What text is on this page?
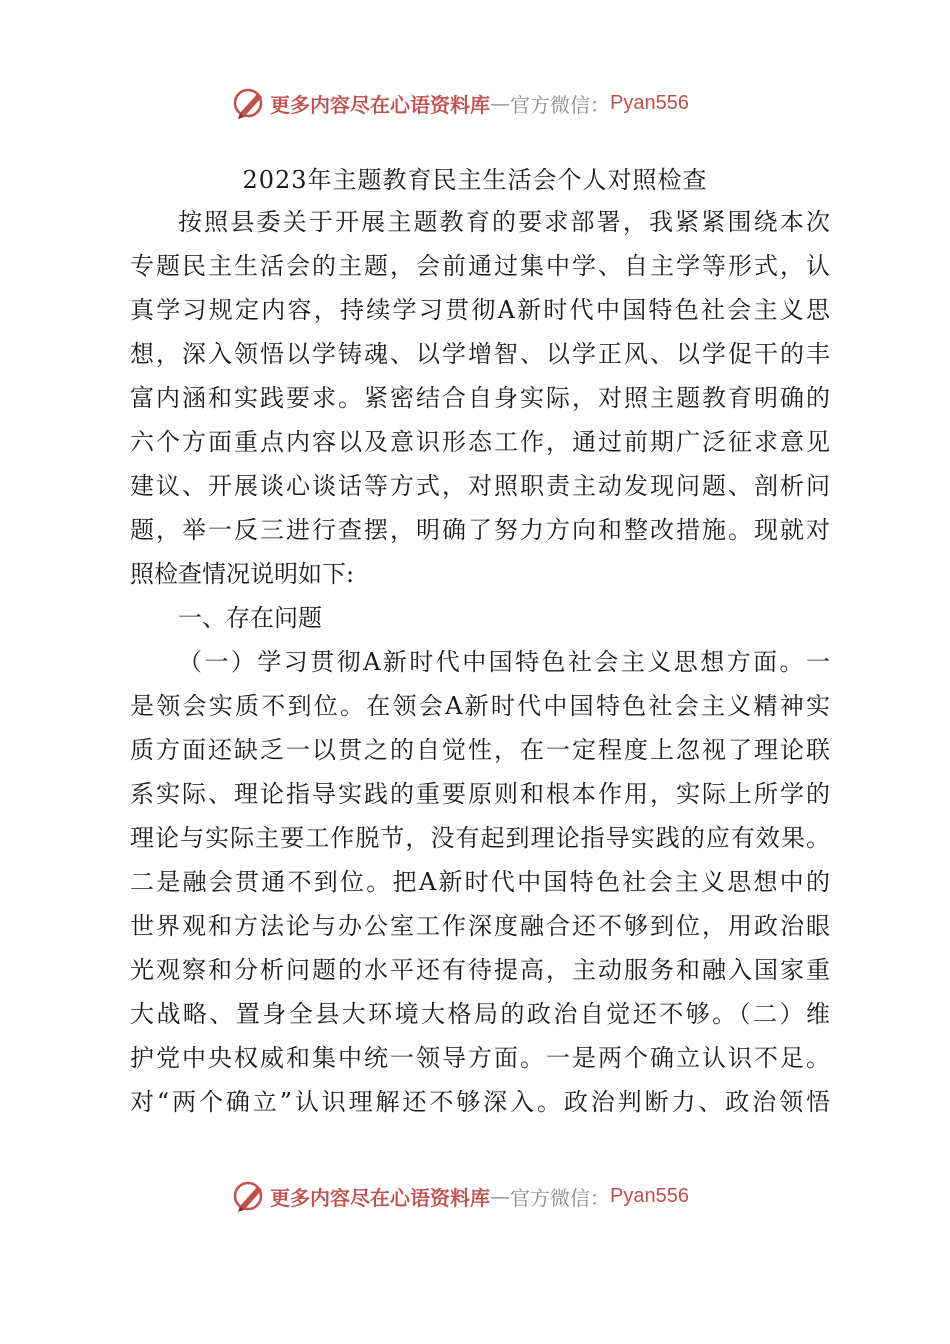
更多内容尽在心语资料库 — 官方微信： Pyan556
2023年主题教育民主生活会个人对照检查
按照县委关于开展主题教育的要求部署，我紧紧围绕本次
专题民主生活会的主题，会前通过集中学、自主学等形式，认
真学习规定内容，持续学习贯彻A新时代中国特色社会主义思
想，深入领悟以学铸魂、以学增智、以学正风、以学促干的丰
富内涵和实践要求。紧密结合自身实际，对照主题教育明确的
六个方面重点内容以及意识形态工作，通过前期广泛征求意见
建议、开展谈心谈话等方式，对照职责主动发现问题、剖析问
题，举一反三进行查摆，明确了努力方向和整改措施。现就对
照检查情况说明如下:
一、存在问题
（一）学习贯彻A新时代中国特色社会主义思想方面。一
是领会实质不到位。在领会A新时代中国特色社会主义精神实
质方面还缺乏一以贯之的自觉性，在一定程度上忽视了理论联
系实际、理论指导实践的重要原则和根本作用，实际上所学的
理论与实际主要工作脱节，没有起到理论指导实践的应有效果。
二是融会贯通不到位。把A新时代中国特色社会主义思想中的
世界观和方法论与办公室工作深度融合还不够到位，用政治眼
光观察和分析问题的水平还有待提高，主动服务和融入国家重
大战略、置身全县大环境大格局的政治自觉还不够。（二）维
护党中央权威和集中统一领导方面。一是两个确立认识不足。
对“两个确立”认识理解还不够深入。政治判断力、政治领悟
更多内容尽在心语资料库 — 官方微信： Pyan556
